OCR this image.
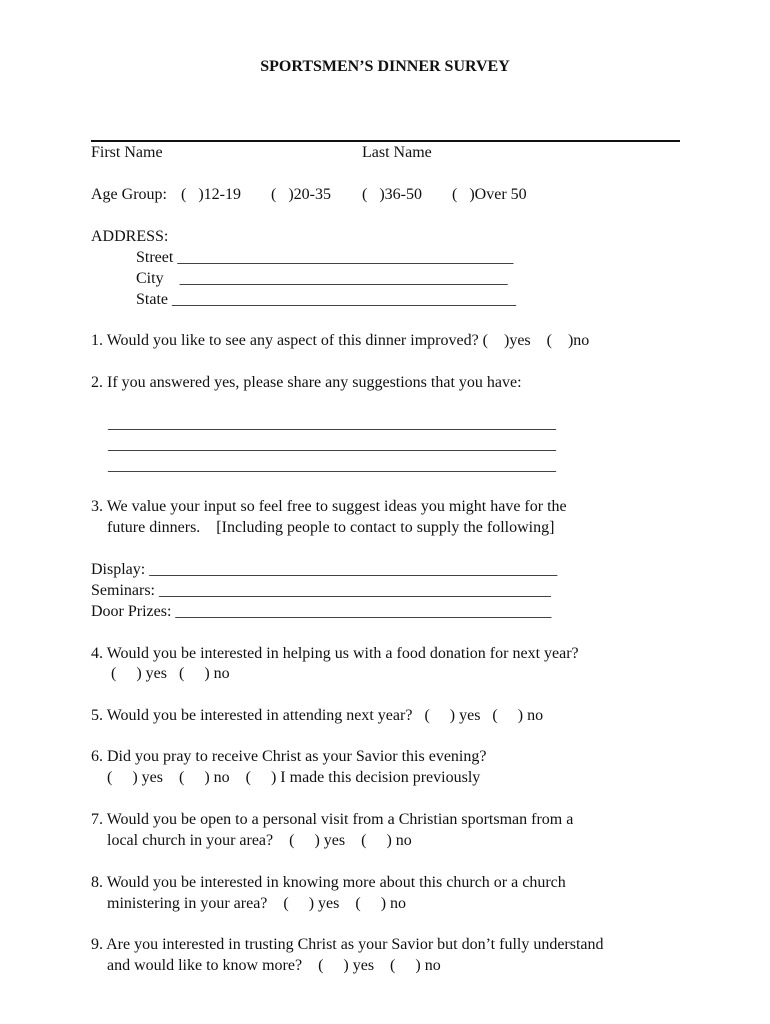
SPORTSMEN’S DINNER SURVEY
First Name	Last Name
Age Group: (   )12-19 (   )20-35 (   )36-50 (   )Over 50
ADDRESS:
Street __________________________________________
City    _________________________________________
State ___________________________________________
1. Would you like to see any aspect of this dinner improved? (    )yes    (    )no
2. If you answered yes, please share any suggestions that you have:
________________________________________________________
________________________________________________________
________________________________________________________
3. We value your input so feel free to suggest ideas you might have for the
future dinners.    [Including people to contact to supply the following]
Display: ___________________________________________________
Seminars: _________________________________________________
Door Prizes: _______________________________________________
4. Would you be interested in helping us with a food donation for next year?
(     ) yes   (     ) no
5. Would you be interested in attending next year?   (     ) yes   (     ) no
6. Did you pray to receive Christ as your Savior this evening?
(     ) yes    (     ) no    (     ) I made this decision previously
7. Would you be open to a personal visit from a Christian sportsman from a
local church in your area?    (     ) yes    (     ) no
8. Would you be interested in knowing more about this church or a church
ministering in your area?    (     ) yes    (     ) no
9. Are you interested in trusting Christ as your Savior but don’t fully understand
and would like to know more?    (     ) yes    (     ) no
